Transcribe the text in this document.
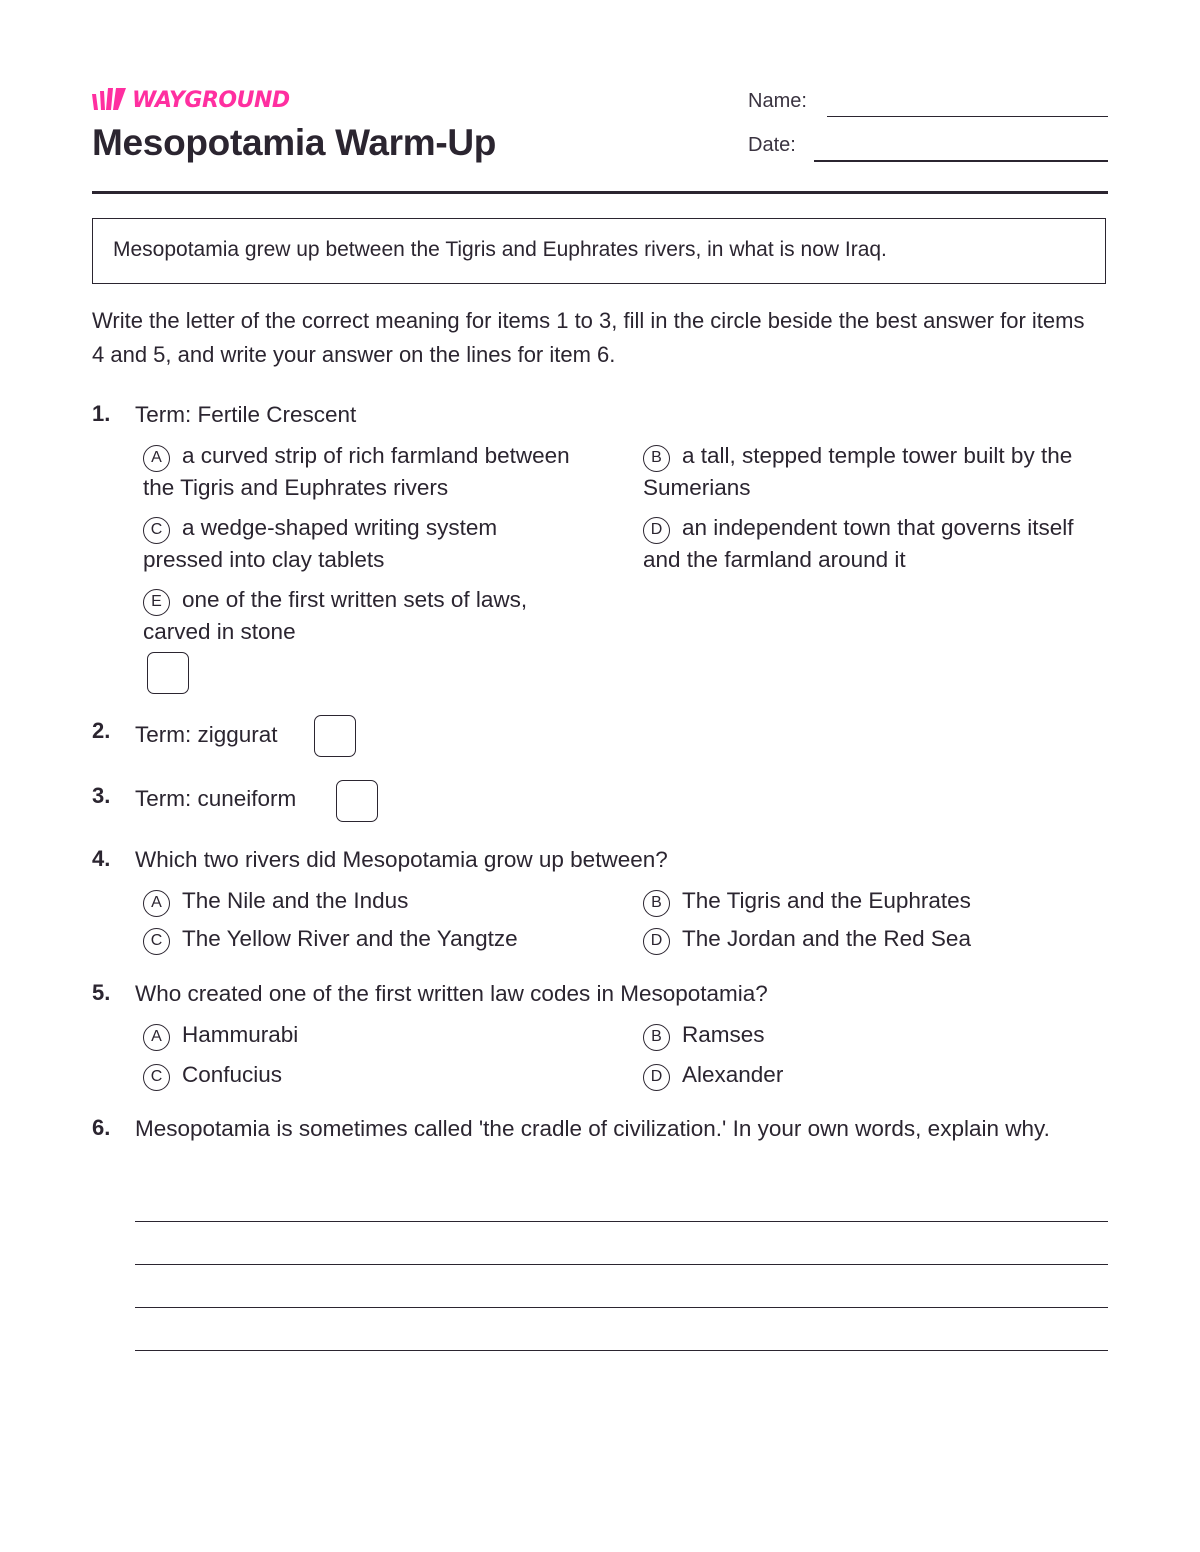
WAYGROUND
Mesopotamia Warm-Up
Name:
Date:
Mesopotamia grew up between the Tigris and Euphrates rivers, in what is now Iraq.
Write the letter of the correct meaning for items 1 to 3, fill in the circle beside the best answer for items 4 and 5, and write your answer on the lines for item 6.
1. Term: Fertile Crescent
A a curved strip of rich farmland between the Tigris and Euphrates rivers
B a tall, stepped temple tower built by the Sumerians
C a wedge-shaped writing system pressed into clay tablets
D an independent town that governs itself and the farmland around it
E one of the first written sets of laws, carved in stone
2. Term: ziggurat
3. Term: cuneiform
4. Which two rivers did Mesopotamia grow up between?
A The Nile and the Indus	B The Tigris and the Euphrates
C The Yellow River and the Yangtze	D The Jordan and the Red Sea
5. Who created one of the first written law codes in Mesopotamia?
A Hammurabi	B Ramses
C Confucius	D Alexander
6. Mesopotamia is sometimes called 'the cradle of civilization.' In your own words, explain why.
